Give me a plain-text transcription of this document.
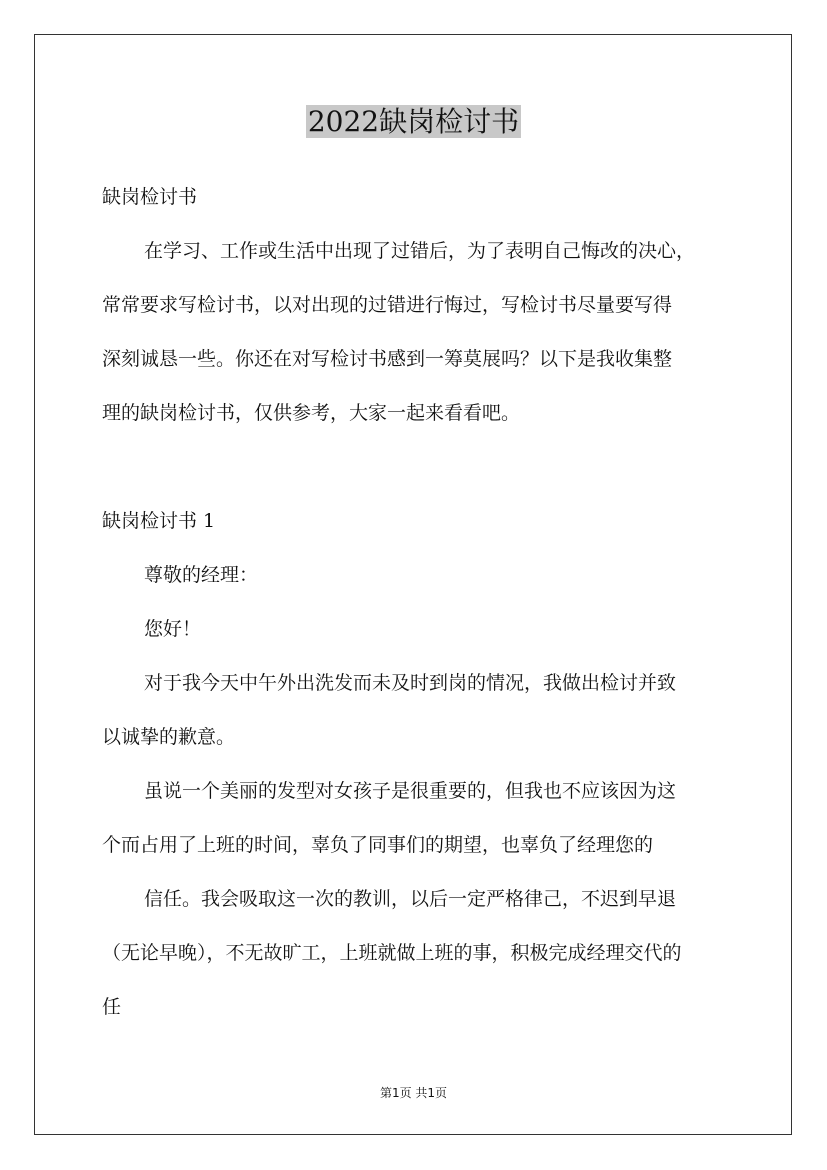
2022缺岗检讨书
缺岗检讨书
在学习、工作或生活中出现了过错后，为了表明自己悔改的决心，
常常要求写检讨书，以对出现的过错进行悔过，写检讨书尽量要写得
深刻诚恳一些。你还在对写检讨书感到一筹莫展吗？以下是我收集整
理的缺岗检讨书，仅供参考，大家一起来看看吧。
缺岗检讨书 1
尊敬的经理：
您好！
对于我今天中午外出洗发而未及时到岗的情况，我做出检讨并致
以诚挚的歉意。
虽说一个美丽的发型对女孩子是很重要的，但我也不应该因为这
个而占用了上班的时间，辜负了同事们的期望，也辜负了经理您的
信任。我会吸取这一次的教训，以后一定严格律己，不迟到早退
（无论早晚），不无故旷工，上班就做上班的事，积极完成经理交代的
任
第1页 共1页
